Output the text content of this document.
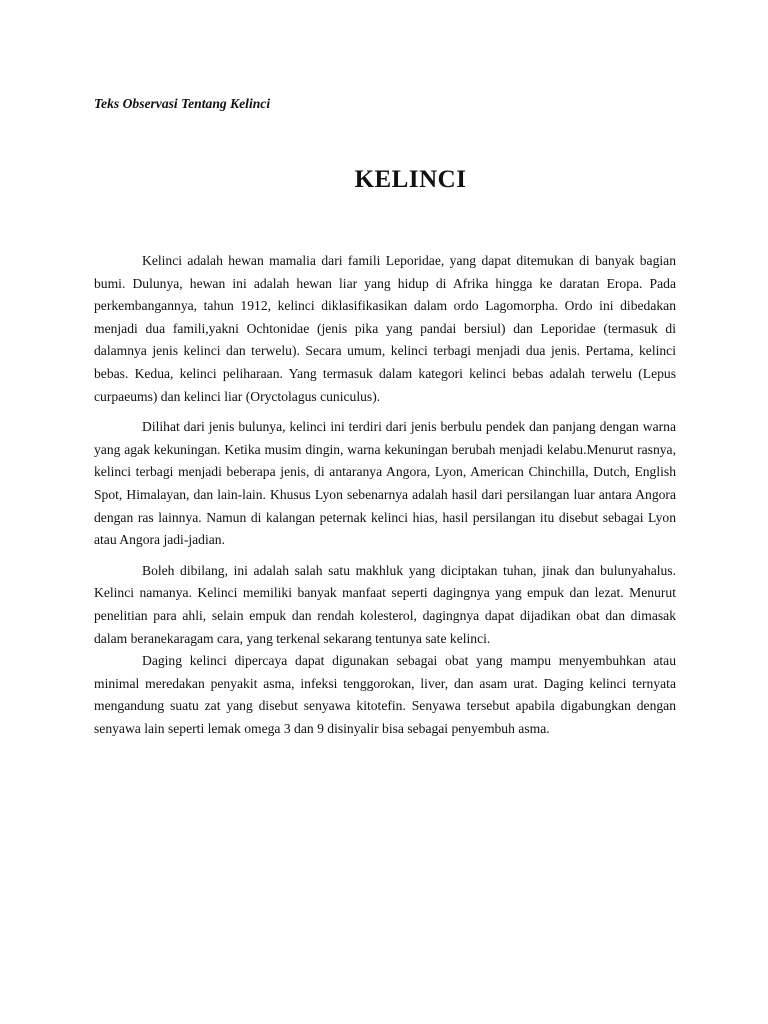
Teks Observasi Tentang Kelinci
KELINCI

Kelinci adalah hewan mamalia dari famili Leporidae, yang dapat ditemukan di banyak bagian bumi. Dulunya, hewan ini adalah hewan liar yang hidup di Afrika hingga ke daratan Eropa. Pada perkembangannya, tahun 1912, kelinci diklasifikasikan dalam ordo Lagomorpha. Ordo ini dibedakan menjadi dua famili,yakni Ochtonidae (jenis pika yang pandai bersiul) dan Leporidae (termasuk di dalamnya jenis kelinci dan terwelu). Secara umum, kelinci terbagi menjadi dua jenis. Pertama, kelinci bebas. Kedua, kelinci peliharaan. Yang termasuk dalam kategori kelinci bebas adalah terwelu (Lepus curpaeums) dan kelinci liar (Oryctolagus cuniculus).

Dilihat dari jenis bulunya, kelinci ini terdiri dari jenis berbulu pendek dan panjang dengan warna yang agak kekuningan. Ketika musim dingin, warna kekuningan berubah menjadi kelabu.Menurut rasnya, kelinci terbagi menjadi beberapa jenis, di antaranya Angora, Lyon, American Chinchilla, Dutch, English Spot, Himalayan, dan lain-lain. Khusus Lyon sebenarnya adalah hasil dari persilangan luar antara Angora dengan ras lainnya. Namun di kalangan peternak kelinci hias, hasil persilangan itu disebut sebagai Lyon atau Angora jadi-jadian.

Boleh dibilang, ini adalah salah satu makhluk yang diciptakan tuhan, jinak dan bulunyahalus. Kelinci namanya. Kelinci memiliki banyak manfaat seperti dagingnya yang empuk dan lezat. Menurut penelitian para ahli, selain empuk dan rendah kolesterol, dagingnya dapat dijadikan obat dan dimasak dalam beranekaragam cara, yang terkenal sekarang tentunya sate kelinci.

Daging kelinci dipercaya dapat digunakan sebagai obat yang mampu menyembuhkan atau minimal meredakan penyakit asma, infeksi tenggorokan, liver, dan asam urat. Daging kelinci ternyata mengandung suatu zat yang disebut senyawa kitotefin. Senyawa tersebut apabila digabungkan dengan senyawa lain seperti lemak omega 3 dan 9 disinyalir bisa sebagai penyembuh asma.
